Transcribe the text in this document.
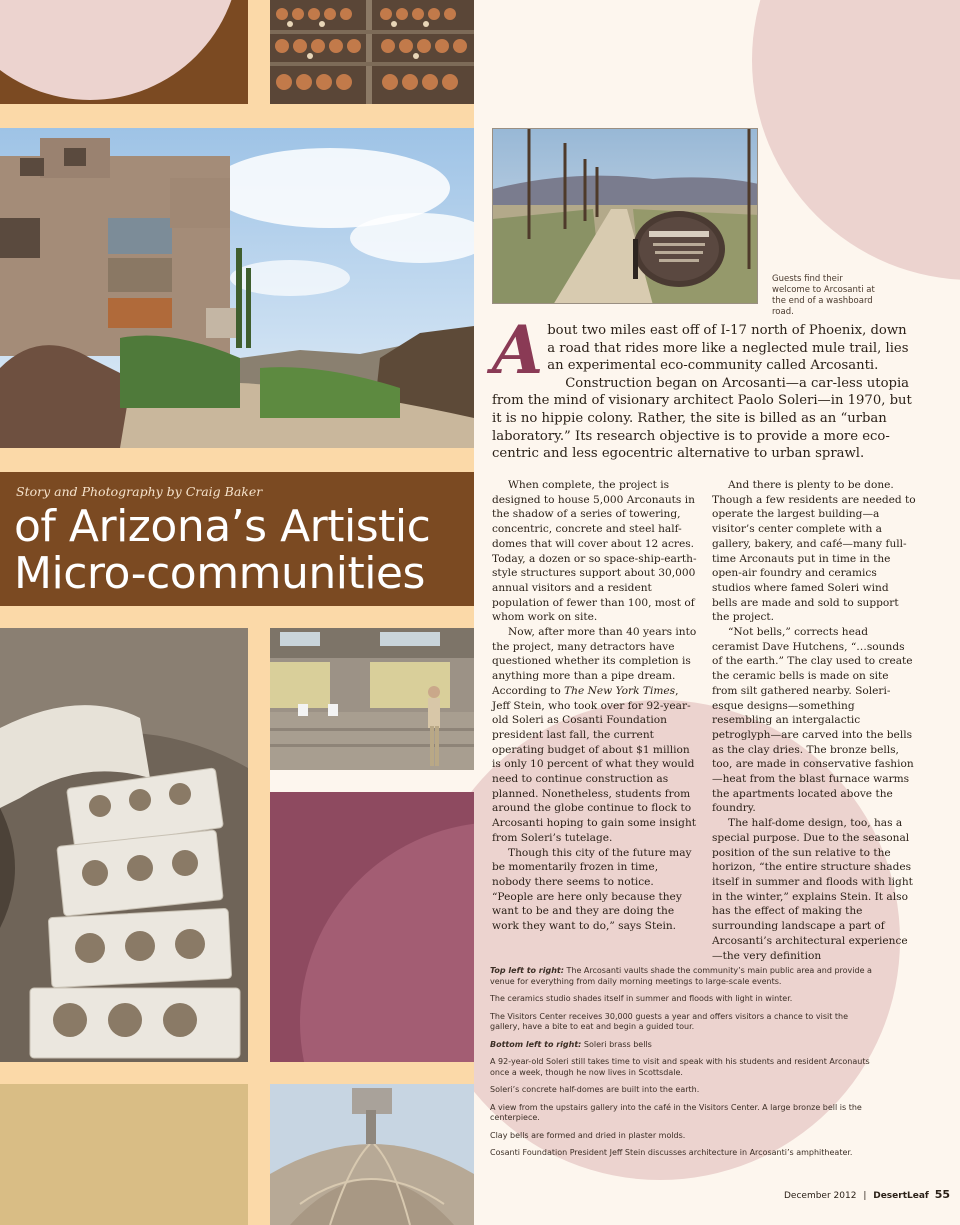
Story and Photography by Craig Baker
of Arizona’s Artistic
Micro-communities
Guests find their welcome to Arcosanti at the end of a washboard road.
A bout two miles east off of I-17 north of Phoenix, down a road that rides more like a neglected mule trail, lies an experimental eco-community called Arcosanti.
Construction began on Arcosanti—a car-less utopia from the mind of visionary architect Paolo Soleri—in 1970, but it is no hippie colony. Rather, the site is billed as an “urban laboratory.” Its research objective is to provide a more eco-centric and less egocentric alternative to urban sprawl.

When complete, the project is designed to house 5,000 Arconauts in the shadow of a series of towering, concentric, concrete and steel half-domes that will cover about 12 acres. Today, a dozen or so space-ship-earth-style structures support about 30,000 annual visitors and a resident population of fewer than 100, most of whom work on site.

Now, after more than 40 years into the project, many detractors have questioned whether its completion is anything more than a pipe dream. According to The New York Times, Jeff Stein, who took over for 92-year-old Soleri as Cosanti Foundation president last fall, the current operating budget of about $1 million is only 10 percent of what they would need to continue construction as planned. Nonetheless, students from around the globe continue to flock to Arcosanti hoping to gain some insight from Soleri’s tutelage.

Though this city of the future may be momentarily frozen in time, nobody there seems to notice. “People are here only because they want to be and they are doing the work they want to do,” says Stein.

And there is plenty to be done. Though a few residents are needed to operate the largest building—a visitor’s center complete with a gallery, bakery, and café—many full-time Arconauts put in time in the open-air foundry and ceramics studios where famed Soleri wind bells are made and sold to support the project.

“Not bells,” corrects head ceramist Dave Hutchens, “…sounds of the earth.” The clay used to create the ceramic bells is made on site from silt gathered nearby. Soleri-esque designs—something resembling an intergalactic petroglyph—are carved into the bells as the clay dries. The bronze bells, too, are made in conservative fashion—heat from the blast furnace warms the apartments located above the foundry.

The half-dome design, too, has a special purpose. Due to the seasonal position of the sun relative to the horizon, “the entire structure shades itself in summer and floods with light in the winter,” explains Stein. It also has the effect of making the surrounding landscape a part of Arcosanti’s architectural experience—the very definition

Top left to right: The Arcosanti vaults shade the community’s main public area and provide a venue for everything from daily morning meetings to large-scale events.

The ceramics studio shades itself in summer and floods with light in winter.

The Visitors Center receives 30,000 guests a year and offers visitors a chance to visit the gallery, have a bite to eat and begin a guided tour.

Bottom left to right: Soleri brass bells

A 92-year-old Soleri still takes time to visit and speak with his students and resident Arconauts once a week, though he now lives in Scottsdale.

Soleri’s concrete half-domes are built into the earth.

A view from the upstairs gallery into the café in the Visitors Center. A large bronze bell is the centerpiece.

Clay bells are formed and dried in plaster molds.

Cosanti Foundation President Jeff Stein discusses architecture in Arcosanti’s amphitheater.

December 2012 | DesertLeaf 55
